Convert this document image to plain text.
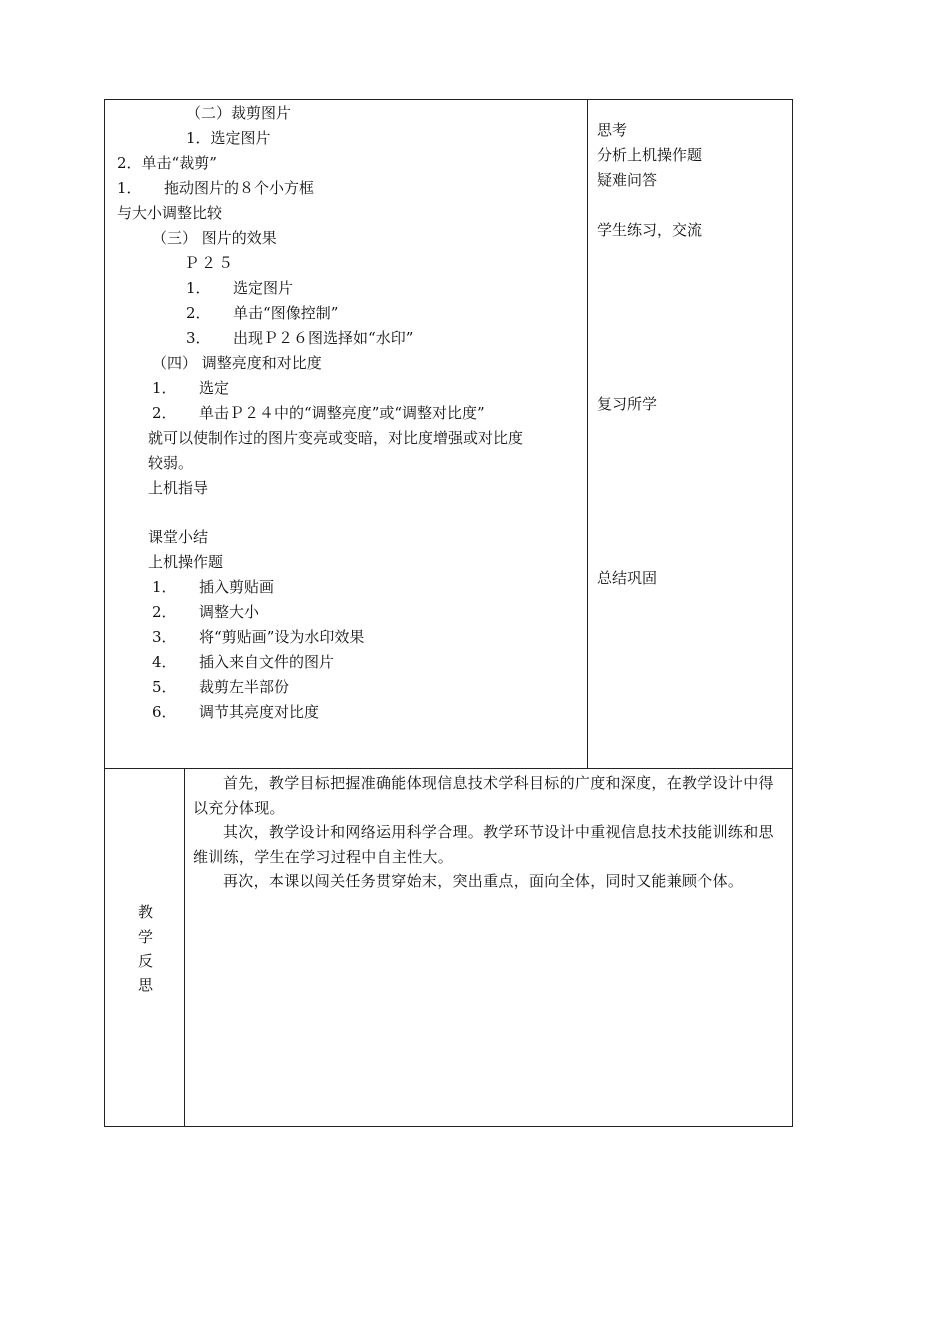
（二）裁剪图片
1．选定图片
2．单击“裁剪”
1．　　拖动图片的８个小方框
与大小调整比较
（三） 图片的效果
Ｐ２５
1．　　选定图片
2．　　单击“图像控制”
3．　　出现Ｐ２６图选择如“水印”
（四） 调整亮度和对比度
1．　　选定
2．　　单击Ｐ２４中的“调整亮度”或“调整对比度”
就可以使制作过的图片变亮或变暗，对比度增强或对比度
较弱。
上机指导
课堂小结
上机操作题
1．　　插入剪贴画
2．　　调整大小
3．　　将“剪贴画”设为水印效果
4．　　插入来自文件的图片
5．　　裁剪左半部份
6．　　调节其亮度对比度
思考
分析上机操作题
疑难问答
学生练习，交流
复习所学
总结巩固
教
学
反
思

首先，教学目标把握准确能体现信息技术学科目标的广度和深度，在教学设计中得以充分体现。

其次，教学设计和网络运用科学合理。教学环节设计中重视信息技术技能训练和思维训练，学生在学习过程中自主性大。

再次，本课以闯关任务贯穿始末，突出重点，面向全体，同时又能兼顾个体。
